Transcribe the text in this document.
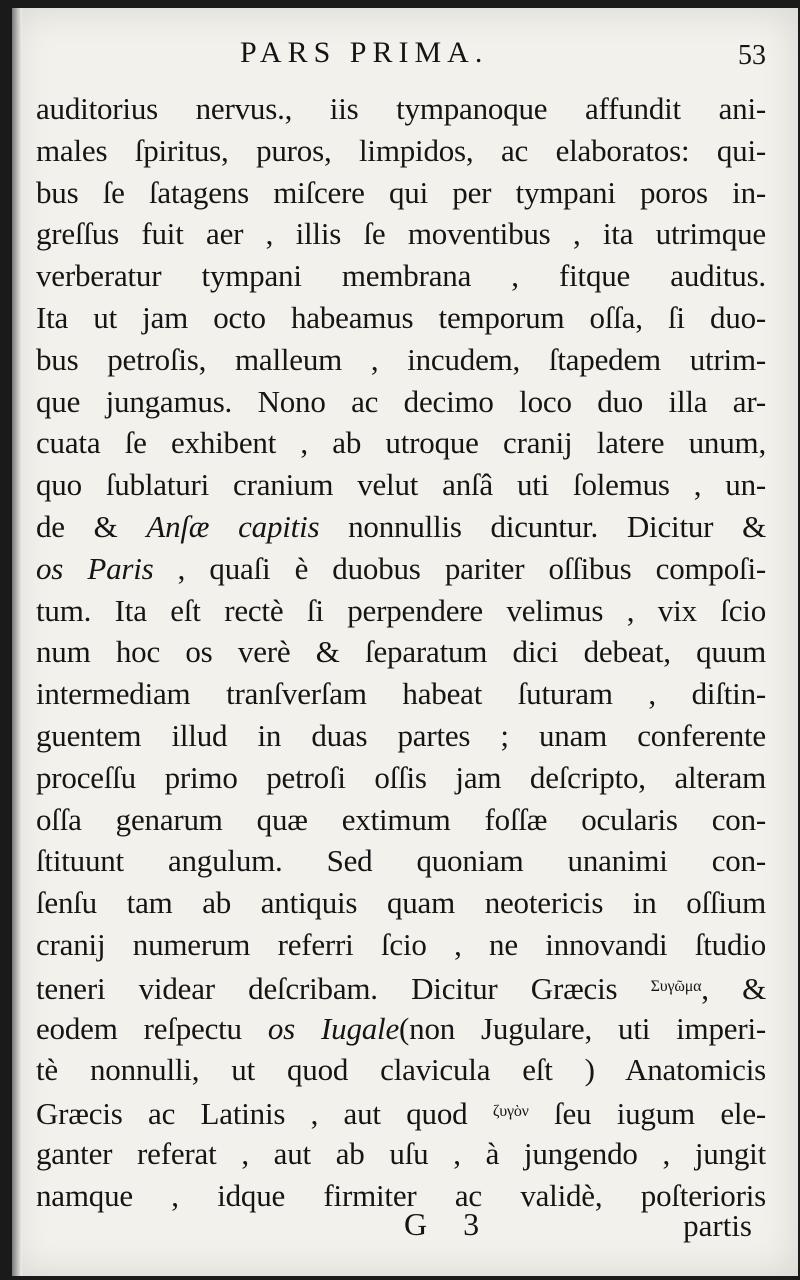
PARS PRIMA.	53
auditorius nervus., iis tympanoque affundit ani-
males ſpiritus, puros, limpidos, ac elaboratos: qui-
bus ſe ſatagens miſcere qui per tympani poros in-
greſſus fuit aer , illis ſe moventibus , ita utrimque
verberatur tympani membrana , fitque auditus.
Ita ut jam octo habeamus temporum oſſa, ſi duo-
bus petroſis, malleum , incudem, ſtapedem utrim-
que jungamus. Nono ac decimo loco duo illa ar-
cuata ſe exhibent , ab utroque cranij latere unum,
quo ſublaturi cranium velut anſâ uti ſolemus , un-
de & Anſæ capitis nonnullis dicuntur. Dicitur &
os Paris , quaſi è duobus pariter oſſibus compoſi-
tum. Ita eſt rectè ſi perpendere velimus , vix ſcio
num hoc os verè & ſeparatum dici debeat, quum
intermediam tranſverſam habeat ſuturam , diſtin-
guentem illud in duas partes ; unam conferente
proceſſu primo petroſi oſſis jam deſcripto, alteram
oſſa genarum quæ extimum foſſæ ocularis con-
ſtituunt angulum. Sed quoniam unanimi con-
ſenſu tam ab antiquis quam neotericis in oſſium
cranij numerum referri ſcio , ne innovandi ſtudio
teneri videar deſcribam. Dicitur Græcis $^{\Sigma\upsilon\gamma ῶ\mu\alpha}$, &
eodem reſpectu os Iugale(non Jugulare, uti imperi-
tè nonnulli, ut quod clavicula eſt ) Anatomicis
Græcis ac Latinis , aut quod $^{\zeta\upsilon\gamma ὸ\nu}$ ſeu iugum ele-
ganter referat , aut ab uſu , à jungendo , jungit
namque , idque firmiter ac validè, poſterioris
G 3	partis
